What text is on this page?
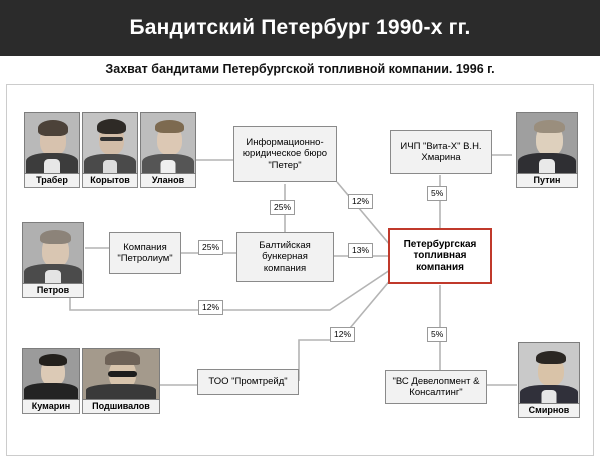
Бандитский Петербург 1990-х гг.
Захват бандитами Петербургской топливной компании. 1996 г.
Трабер	Корытов	Уланов	Путин
Петров
Кумарин	Подшивалов	Смирнов
Информационно-юридическое бюро "Петер"
ИЧП "Вита-Х" В.Н. Хмарина
Компания "Петролиум"
Балтийская бункерная компания
Петербургская топливная компания
ТОО "Промтрейд"	"ВС Девелопмент & Консалтинг"
25%
12%
5%
25%	13%
12%
12%	5%
